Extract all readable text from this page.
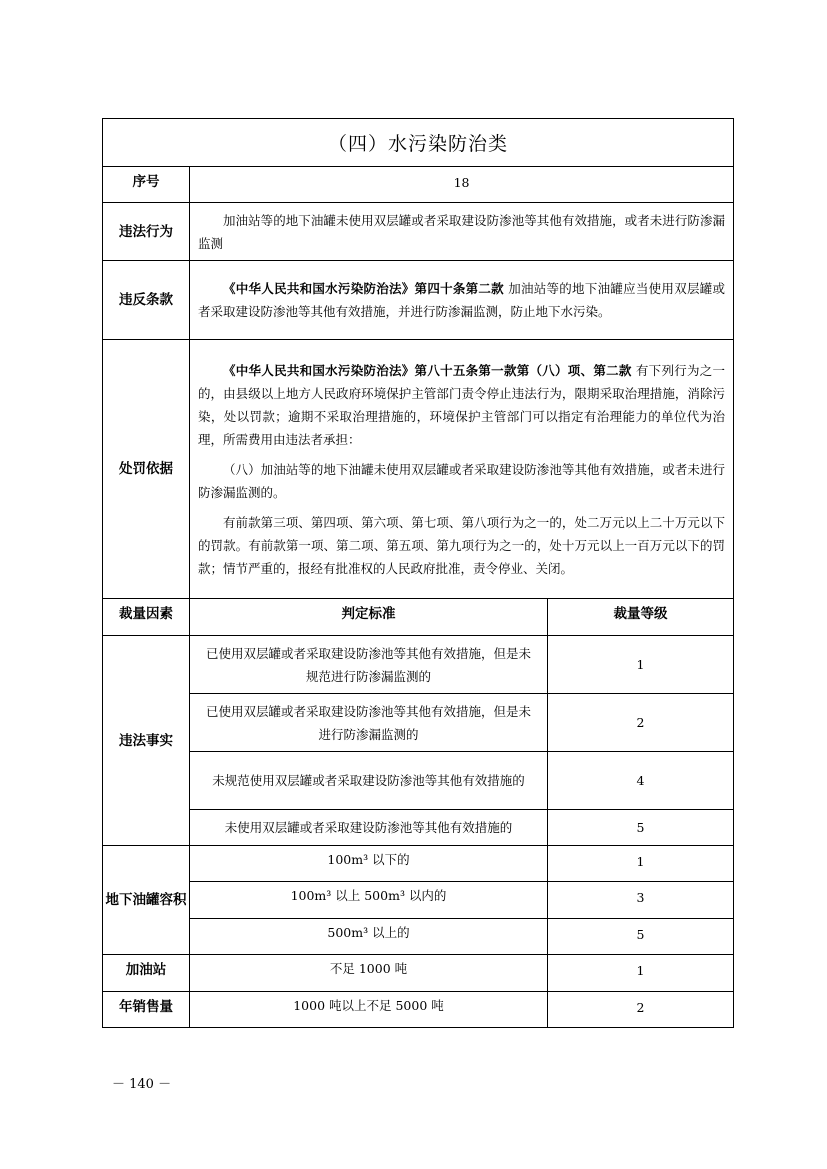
（四）水污染防治类		
序号	18	
违法行为	加油站等的地下油罐未使用双层罐或者采取建设防渗池等其他有效措施，或者未进行防渗漏监测	

违反条款	《中华人民共和国水污染防治法》第四十条第二款 加油站等的地下油罐应当使用双层罐或者采取建设防渗池等其他有效措施，并进行防渗漏监测，防止地下水污染。	

处罚依据	《中华人民共和国水污染防治法》第八十五条第一款第（八）项、第二款 有下列行为之一的，由县级以上地方人民政府环境保护主管部门责令停止违法行为，限期采取治理措施，消除污染，处以罚款；逾期不采取治理措施的，环境保护主管部门可以指定有治理能力的单位代为治理，所需费用由违法者承担：

（八）加油站等的地下油罐未使用双层罐或者采取建设防渗池等其他有效措施，或者未进行防渗漏监测的。

有前款第三项、第四项、第六项、第七项、第八项行为之一的，处二万元以上二十万元以下的罚款。有前款第一项、第二项、第五项、第九项行为之一的，处十万元以上一百万元以下的罚款；情节严重的，报经有批准权的人民政府批准，责令停业、关闭。	

裁量因素	判定标准	裁量等级
违法事实	已使用双层罐或者采取建设防渗池等其他有效措施，但是未规范进行防渗漏监测的	1
	已使用双层罐或者采取建设防渗池等其他有效措施，但是未进行防渗漏监测的	2
	未规范使用双层罐或者采取建设防渗池等其他有效措施的	4
	未使用双层罐或者采取建设防渗池等其他有效措施的	5
地下油罐容积	100m³ 以下的	1
	100m³ 以上 500m³ 以内的	3
	500m³ 以上的	5
加油站	不足 1000 吨	1
年销售量	1000 吨以上不足 5000 吨	2
－ 140 －
